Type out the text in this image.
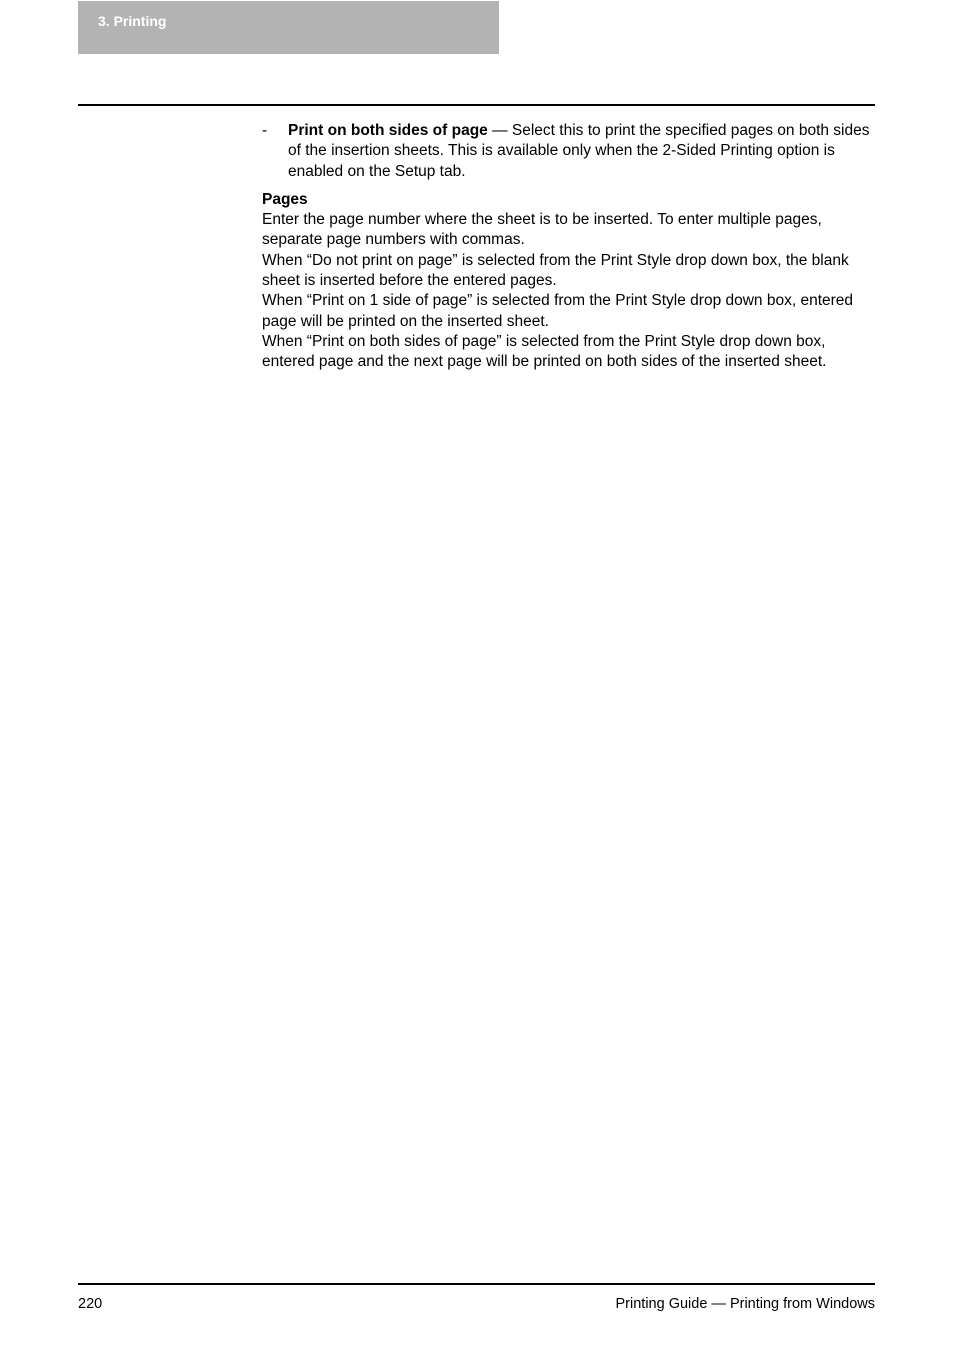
3. Printing
- Print on both sides of page — Select this to print the specified pages on both sides of the insertion sheets. This is available only when the 2-Sided Printing option is enabled on the Setup tab.

Pages

Enter the page number where the sheet is to be inserted. To enter multiple pages, separate page numbers with commas.

When “Do not print on page” is selected from the Print Style drop down box, the blank sheet is inserted before the entered pages.

When “Print on 1 side of page” is selected from the Print Style drop down box, entered page will be printed on the inserted sheet.

When “Print on both sides of page” is selected from the Print Style drop down box, entered page and the next page will be printed on both sides of the inserted sheet.

220	Printing Guide — Printing from Windows
